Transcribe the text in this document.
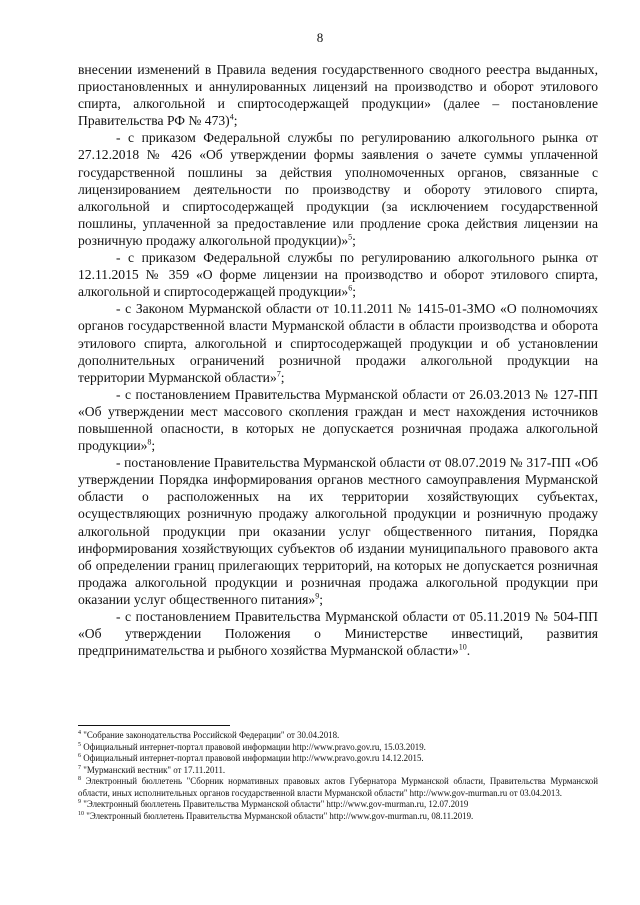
8

внесении изменений в Правила ведения государственного сводного реестра выданных, приостановленных и аннулированных лицензий на производство и оборот этилового спирта, алкогольной и спиртосодержащей продукции» (далее – постановление Правительства РФ № 473)$^4$;

- с приказом Федеральной службы по регулированию алкогольного рынка от 27.12.2018 № 426 «Об утверждении формы заявления о зачете суммы уплаченной государственной пошлины за действия уполномоченных органов, связанные с лицензированием деятельности по производству и обороту этилового спирта, алкогольной и спиртосодержащей продукции (за исключением государственной пошлины, уплаченной за предоставление или продление срока действия лицензии на розничную продажу алкогольной продукции)»$^5$;

- с приказом Федеральной службы по регулированию алкогольного рынка от 12.11.2015 № 359 «О форме лицензии на производство и оборот этилового спирта, алкогольной и спиртосодержащей продукции»$^6$;

- с Законом Мурманской области от 10.11.2011 № 1415-01-ЗМО «О полномочиях органов государственной власти Мурманской области в области производства и оборота этилового спирта, алкогольной и спиртосодержащей продукции и об установлении дополнительных ограничений розничной продажи алкогольной продукции на территории Мурманской области»$^7$;

- с постановлением Правительства Мурманской области от 26.03.2013 № 127-ПП «Об утверждении мест массового скопления граждан и мест нахождения источников повышенной опасности, в которых не допускается розничная продажа алкогольной продукции»$^8$;

- постановление Правительства Мурманской области от 08.07.2019 № 317-ПП «Об утверждении Порядка информирования органов местного самоуправления Мурманской области о расположенных на их территории хозяйствующих субъектах, осуществляющих розничную продажу алкогольной продукции и розничную продажу алкогольной продукции при оказании услуг общественного питания, Порядка информирования хозяйствующих субъектов об издании муниципального правового акта об определении границ прилегающих территорий, на которых не допускается розничная продажа алкогольной продукции и розничная продажа алкогольной продукции при оказании услуг общественного питания»$^9$;

- с постановлением Правительства Мурманской области от 05.11.2019 № 504-ПП «Об утверждении Положения о Министерстве инвестиций, развития предпринимательства и рыбного хозяйства Мурманской области»$^{10}$.

$^4$ "Собрание законодательства Российской Федерации" от 30.04.2018.

$^5$ Официальный интернет-портал правовой информации http://www.pravo.gov.ru, 15.03.2019.

$^6$ Официальный интернет-портал правовой информации http://www.pravo.gov.ru 14.12.2015.

$^7$ "Мурманский вестник" от 17.11.2011.

$^8$ Электронный бюллетень "Сборник нормативных правовых актов Губернатора Мурманской области, Правительства Мурманской области, иных исполнительных органов государственной власти Мурманской области" http://www.gov-murman.ru от 03.04.2013.

$^9$ "Электронный бюллетень Правительства Мурманской области" http://www.gov-murman.ru, 12.07.2019

$^{10}$ "Электронный бюллетень Правительства Мурманской области" http://www.gov-murman.ru, 08.11.2019.
